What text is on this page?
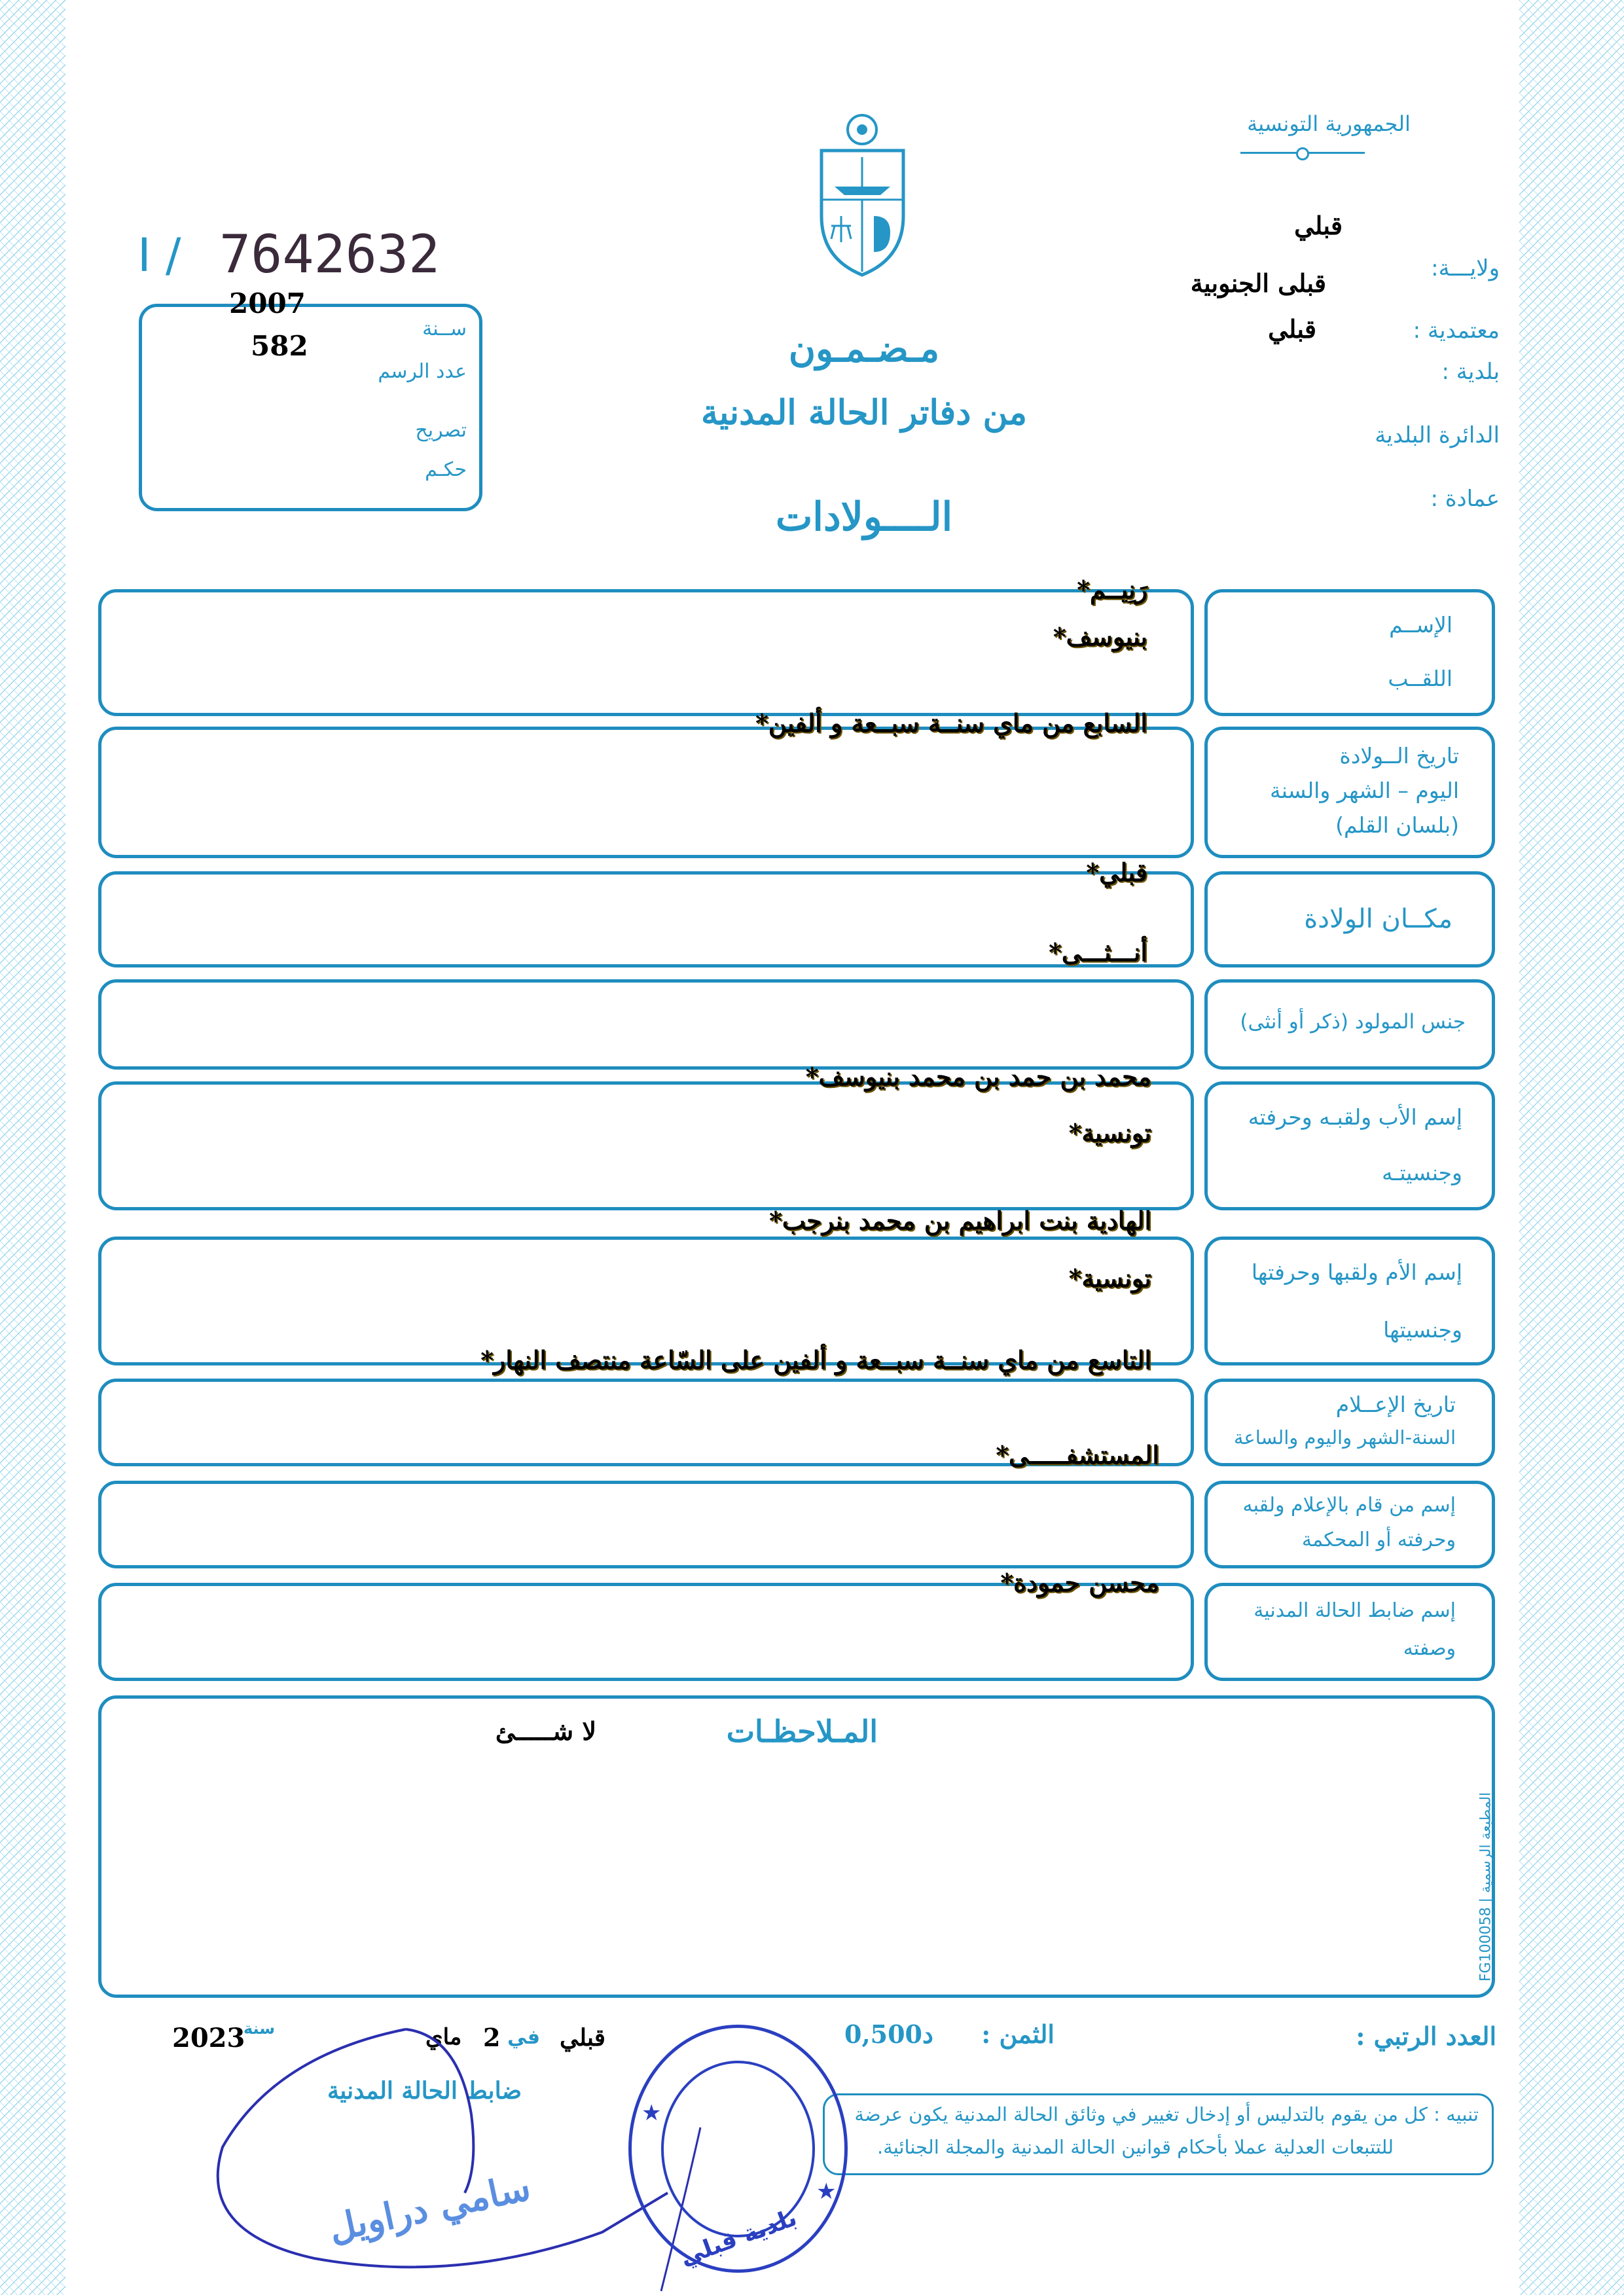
الجمهورية التونسية
ولايـــة:
معتمدية :
بلدية :
الدائرة البلدية
عمادة :
قبلي
قبلى الجنوبية
قبلي
مـضـمـون
من دفاتر الحالة المدنية
الــــولادات
I / 7642632
2007
582
ســنة
عدد الرسم
تصريح
حكـم
الإســم
اللقــب
رَنِيــم*
بنيوسف*
تاريخ الــولادة
اليوم – الشهر والسنة
(بلسان القلم)
السابع من ماي سنــة سبــعة و ألفين*
مكــان الولادة
قبلي*
جنس المولود (ذكر أو أنثى)
أنـــثـــى*
إسم الأب ولقبـه وحرفته
وجنسيتـه
محمد بن حمد بن محمد بنيوسف*
تونسية*
إسم الأم ولقبها وحرفتها
وجنسيتها
الهادية بنت ابراهيم بن محمد بنرجب*
تونسية*
تاريخ الإعــلام
السنة-الشهر واليوم والساعة
التاسع من ماي سنــة سبــعة و ألفين على السّاعة منتصف النهار*
إسم من قام بالإعلام ولقبه
وحرفته أو المحكمة
المستشفـــــى*
إسم ضابط الحالة المدنية
وصفته
محسن حمودة*
المـلاحظـات
لا شـــــئ
المطبعة الرسمية | FG100058
العدد الرتبي :
الثمن :
0,500د
قبلي
في
2
ماي
سنة
2023
ضابط الحالة المدنية
تنبيه : كل من يقوم بالتدليس أو إدخال تغيير في وثائق الحالة المدنية يكون عرضة
للتتبعات العدلية عملا بأحكام قوانين الحالة المدنية والمجلة الجنائية.
سامي دراويل
★
★
بلدية قبلي
